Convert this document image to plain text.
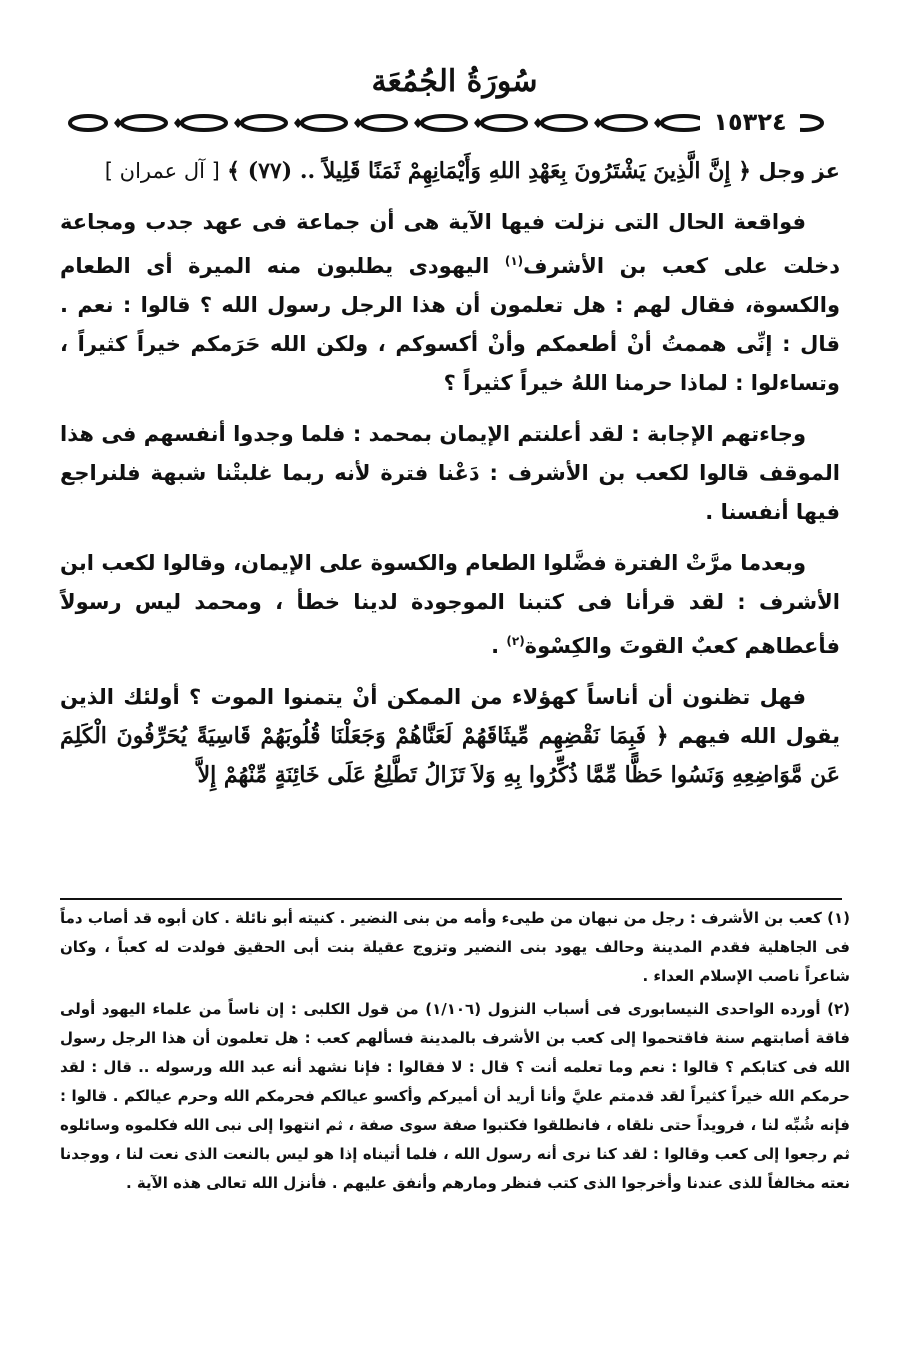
سُورَةُ الجُمُعَة
١٥٣٢٤

عز وجل ﴿ إِنَّ الَّذِينَ يَشْتَرُونَ بِعَهْدِ اللهِ وَأَيْمَانِهِمْ ثَمَنًا قَلِيلاً .. (٧٧) ﴾ [ آل عمران ]

فواقعة الحال التى نزلت فيها الآية هى أن جماعة فى عهد جدب ومجاعة دخلت على كعب بن الأشرف$^{(١)}$ اليهودى يطلبون منه الميرة أى الطعام والكسوة، فقال لهم : هل تعلمون أن هذا الرجل رسول الله ؟ قالوا : نعم . قال : إنِّى هممتُ أنْ أطعمكم وأنْ أكسوكم ، ولكن الله حَرَمكم خيراً كثيراً ، وتساءلوا : لماذا حرمنا اللهُ خيراً كثيراً ؟

وجاءتهم الإجابة : لقد أعلنتم الإيمان بمحمد : فلما وجدوا أنفسهم فى هذا الموقف قالوا لكعب بن الأشرف : دَعْنا فترة لأنه ربما غلبتْنا شبهة فلنراجع فيها أنفسنا .

وبعدما مرَّتْ الفترة فضَّلوا الطعام والكسوة على الإيمان، وقالوا لكعب ابن الأشرف : لقد قرأنا فى كتبنا الموجودة لدينا خطأ ، ومحمد ليس رسولاً فأعطاهم كعبٌ القوتَ والكِسْوة$^{(٢)}$ .

فهل تظنون أن أناساً كهؤلاء من الممكن أنْ يتمنوا الموت ؟ أولئك الذين يقول الله فيهم ﴿ فَبِمَا نَقْضِهِم مِّيثَاقَهُمْ لَعَنَّاهُمْ وَجَعَلْنَا قُلُوبَهُمْ قَاسِيَةً يُحَرِّفُونَ الْكَلِمَ عَن مَّوَاضِعِهِ وَنَسُوا حَظًّا مِّمَّا ذُكِّرُوا بِهِ وَلاَ تَزَالُ تَطَّلِعُ عَلَى خَائِنَةٍ مِّنْهُمْ إِلاَّ

(١) كعب بن الأشرف : رجل من نبهان من طيىء وأمه من بنى النضير . كنيته أبو نائلة . كان أبوه قد أصاب دماً فى الجاهلية فقدم المدينة وحالف يهود بنى النضير وتزوج عقيلة بنت أبى الحقيق فولدت له كعباً ، وكان شاعراً ناصب الإسلام العداء .

(٢) أورده الواحدى النيسابورى فى أسباب النزول (١/١٠٦) من قول الكلبى : إن ناساً من علماء اليهود أولى فاقة أصابتهم سنة فاقتحموا إلى كعب بن الأشرف بالمدينة فسألهم كعب : هل تعلمون أن هذا الرجل رسول الله فى كتابكم ؟ قالوا : نعم وما تعلمه أنت ؟ قال : لا فقالوا : فإنا نشهد أنه عبد الله ورسوله .. قال : لقد حرمكم الله خيراً كثيراً لقد قدمتم عليَّ وأنا أريد أن أميركم وأكسو عيالكم فحرمكم الله وحرم عيالكم . قالوا : فإنه شُبِّه لنا ، فرويداً حتى نلقاه ، فانطلقوا فكتبوا صفة سوى صفة ، ثم انتهوا إلى نبى الله فكلموه وسائلوه ثم رجعوا إلى كعب وقالوا : لقد كنا نرى أنه رسول الله ، فلما أتيناه إذا هو ليس بالنعت الذى نعت لنا ، ووجدنا نعته مخالفاً للذى عندنا وأخرجوا الذى كتب فنظر ومارهم وأنفق عليهم . فأنزل الله تعالى هذه الآية .
